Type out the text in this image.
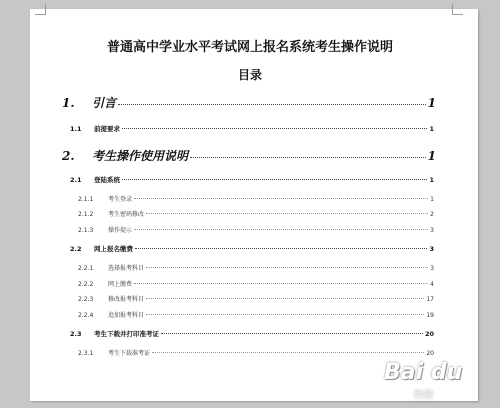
普通高中学业水平考试网上报名系统考生操作说明
目录
1.	引言	1
1.1	前提要求	1
2.	考生操作使用说明	1
2.1	登陆系统	1
2.1.1	考生登录	1
2.1.2	考生密码修改	2
2.1.3	操作提示	3
2.2	网上报名缴费	3
2.2.1	选择报考科目	3
2.2.2	网上缴费	4
2.2.3	修改报考科目	17
2.2.4	追加报考科目	19
2.3	考生下载并打印准考证	20
2.3.1	考生下载准考证	20
Bai du
经验
